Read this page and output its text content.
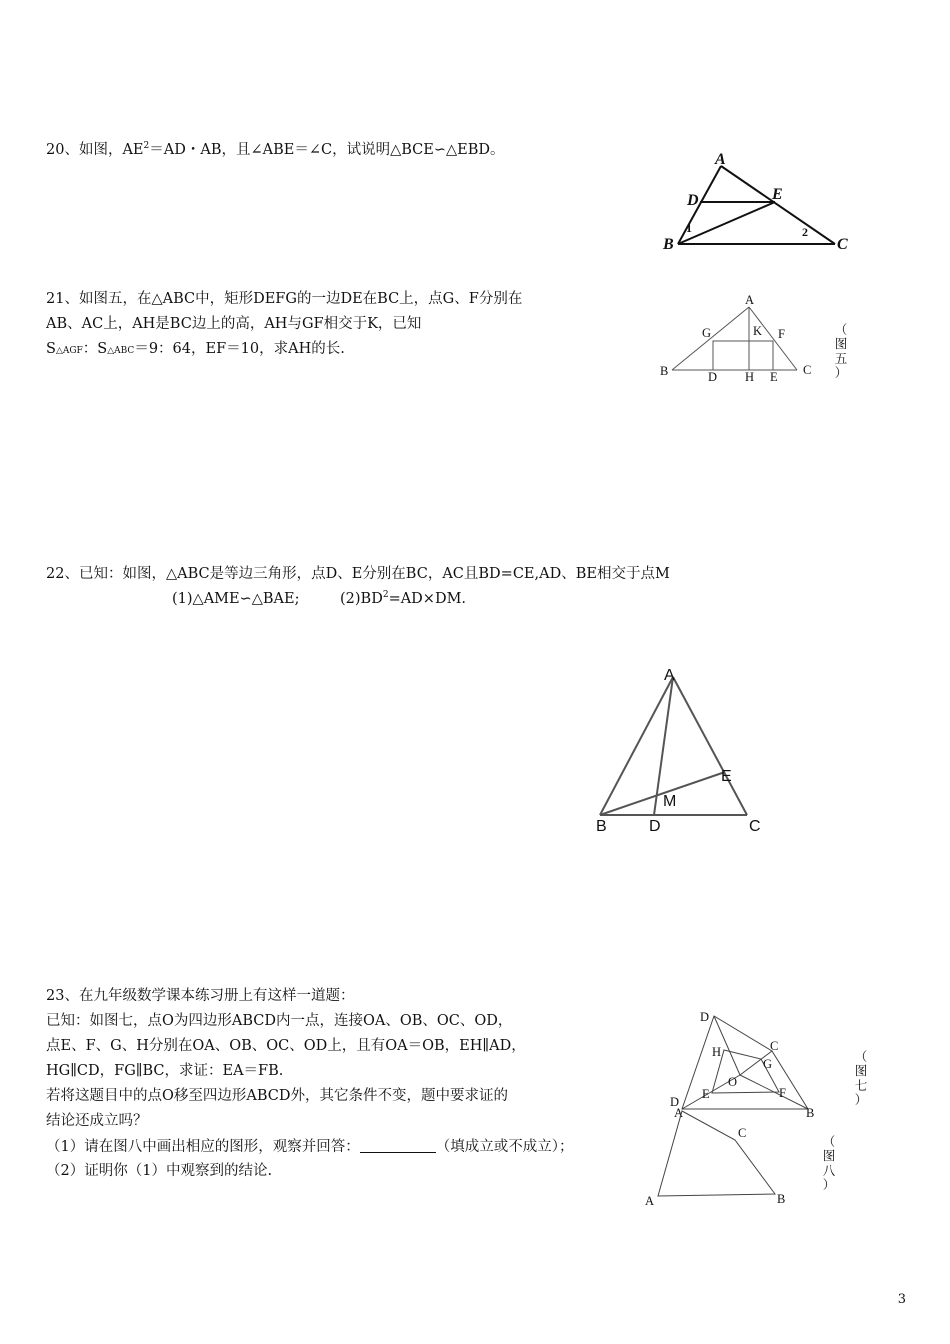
20、如图，$AE^2=AD$・AB，且∠ABE＝∠C，试说明△BCE∽△EBD。
A
D	E
B	C
1	2
21、如图五，在△ABC中，矩形DEFG的一边DE在BC上，点G、F分别在
AB、AC上，AH是BC边上的高，AH与GF相交于K，已知
S△AGF：S△ABC＝9：64，EF＝10，求AH的长.
A
G	K F
B	D H E C
（
图
五
）
22、已知：如图，△ABC是等边三角形，点D、E分别在BC，AC且BD=CE,AD、BE相交于点M
(1)△AME∽△BAE;	$(2)BD^2=AD\times DM$.
A
B	D	C
E
M
23、在九年级数学课本练习册上有这样一道题：
已知：如图七，点O为四边形ABCD内一点，连接OA、OB、OC、OD，
点E、F、G、H分别在OA、OB、OC、OD上，且有OA＝OB，EH∥AD，
HG∥CD，FG∥BC，求证：EA＝FB.
若将这题目中的点O移至四边形ABCD外，其它条件不变，题中要求证的
结论还成立吗？
（1）请在图八中画出相应的图形，观察并回答：	（填成立或不成立）；
（2）证明你（1）中观察到的结论.
D
H	C
G
O
E	F
B
D
A
（
图
七
）
C
A	B
（
图
八
）
3
